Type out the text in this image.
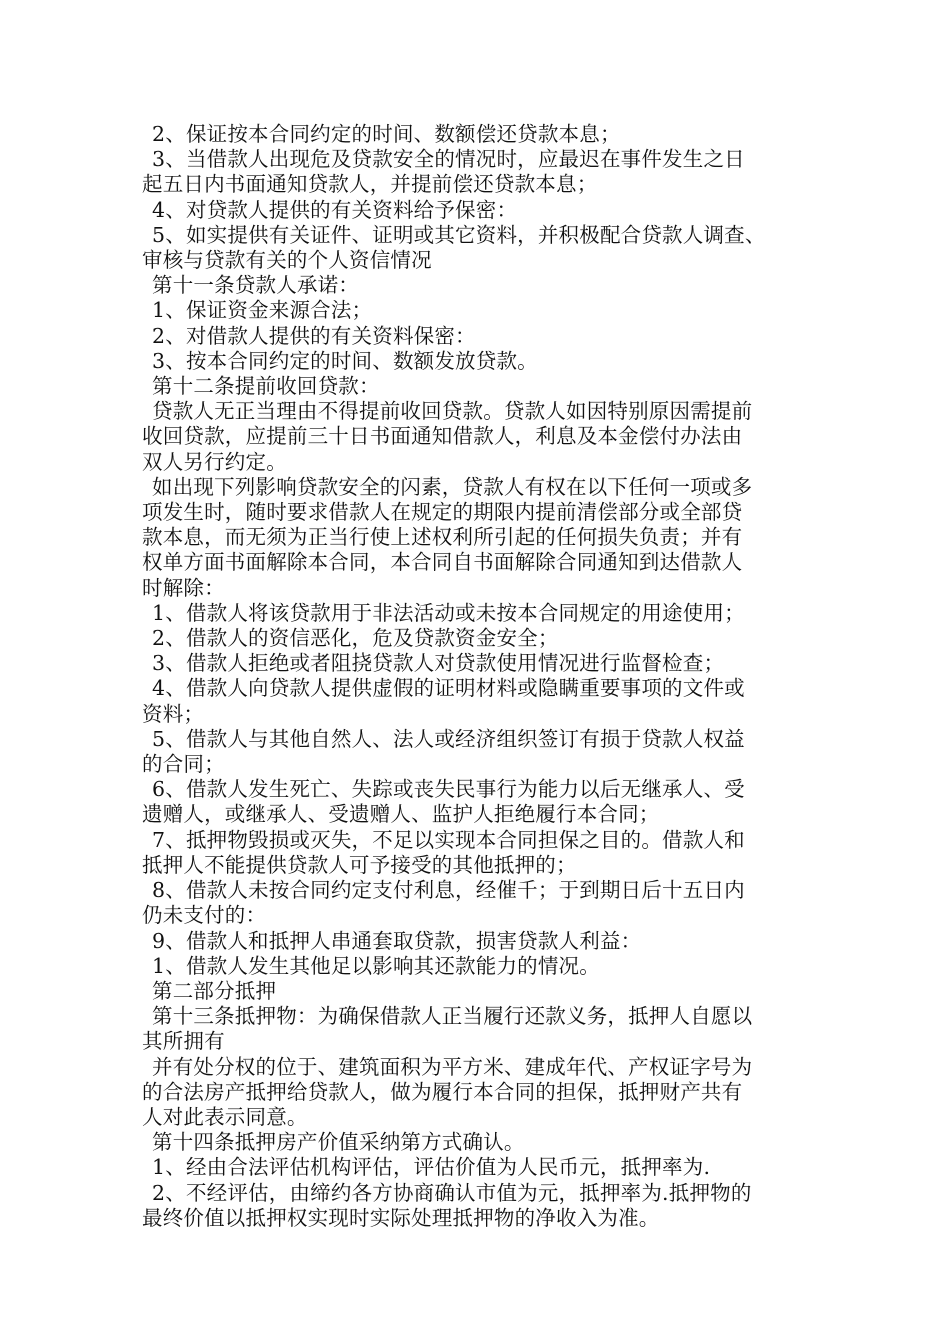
2、保证按本合同约定的时间、数额偿还贷款本息；
3、当借款人出现危及贷款安全的情况时，应最迟在事件发生之日
起五日内书面通知贷款人，并提前偿还贷款本息；
4、对贷款人提供的有关资料给予保密：
5、如实提供有关证件、证明或其它资料，并积极配合贷款人调查、
审核与贷款有关的个人资信情况
第十一条贷款人承诺：
1、保证资金来源合法；
2、对借款人提供的有关资料保密：
3、按本合同约定的时间、数额发放贷款。
第十二条提前收回贷款：
贷款人无正当理由不得提前收回贷款。贷款人如因特别原因需提前
收回贷款，应提前三十日书面通知借款人，利息及本金偿付办法由
双人另行约定。
如出现下列影响贷款安全的闪素，贷款人有权在以下任何一项或多
项发生时，随时要求借款人在规定的期限内提前清偿部分或全部贷
款本息，而无须为正当行使上述权利所引起的任何损失负责；并有
权单方面书面解除本合同，本合同自书面解除合同通知到达借款人
时解除：
1、借款人将该贷款用于非法活动或未按本合同规定的用途使用；
2、借款人的资信恶化，危及贷款资金安全；
3、借款人拒绝或者阻挠贷款人对贷款使用情况进行监督检查；
4、借款人向贷款人提供虚假的证明材料或隐瞒重要事项的文件或
资料；
5、借款人与其他自然人、法人或经济组织签订有损于贷款人权益
的合同；
6、借款人发生死亡、失踪或丧失民事行为能力以后无继承人、受
遗赠人，或继承人、受遗赠人、监护人拒绝履行本合同；
7、抵押物毁损或灭失，不足以实现本合同担保之目的。借款人和
抵押人不能提供贷款人可予接受的其他抵押的；
8、借款人未按合同约定支付利息，经催千；于到期日后十五日内
仍未支付的：
9、借款人和抵押人串通套取贷款，损害贷款人利益：
1、借款人发生其他足以影响其还款能力的情况。
第二部分抵押
第十三条抵押物：为确保借款人正当履行还款义务，抵押人自愿以
其所拥有
并有处分权的位于、建筑面积为平方米、建成年代、产权证字号为
的合法房产抵押给贷款人，做为履行本合同的担保，抵押财产共有
人对此表示同意。
第十四条抵押房产价值采纳第方式确认。
1、经由合法评估机构评估，评估价值为人民币元，抵押率为.
2、不经评估，由缔约各方协商确认市值为元，抵押率为.抵押物的
最终价值以抵押权实现时实际处理抵押物的净收入为准。
